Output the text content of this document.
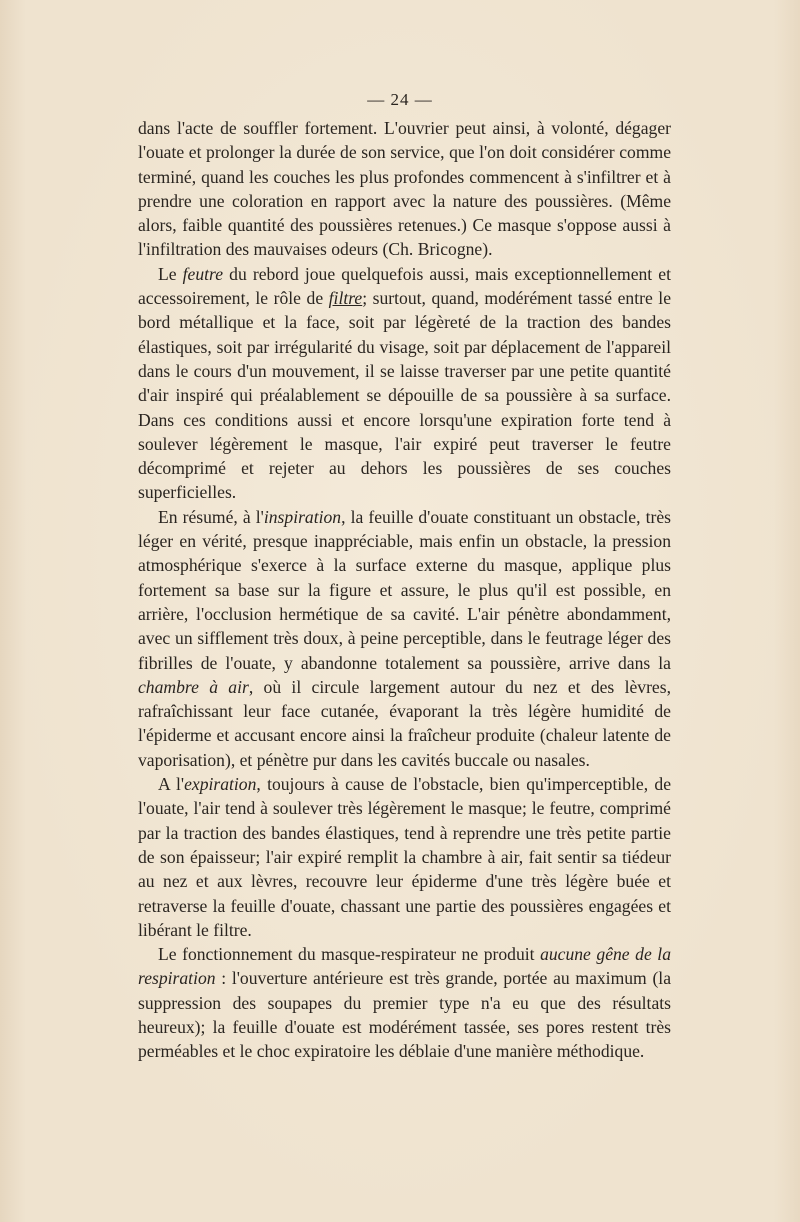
— 24 —

dans l'acte de souffler fortement. L'ouvrier peut ainsi, à volonté, dégager l'ouate et prolonger la durée de son service, que l'on doit considérer comme terminé, quand les couches les plus profondes commencent à s'infiltrer et à prendre une coloration en rapport avec la nature des poussières. (Même alors, faible quantité des poussières retenues.) Ce masque s'oppose aussi à l'infiltration des mauvaises odeurs (Ch. Bricogne).

Le feutre du rebord joue quelquefois aussi, mais exceptionnellement et accessoirement, le rôle de filtre; surtout, quand, modérément tassé entre le bord métallique et la face, soit par légèreté de la traction des bandes élastiques, soit par irrégularité du visage, soit par déplacement de l'appareil dans le cours d'un mouvement, il se laisse traverser par une petite quantité d'air inspiré qui préalablement se dépouille de sa poussière à sa surface. Dans ces conditions aussi et encore lorsqu'une expiration forte tend à soulever légèrement le masque, l'air expiré peut traverser le feutre décomprimé et rejeter au dehors les poussières de ses couches superficielles.

En résumé, à l'inspiration, la feuille d'ouate constituant un obstacle, très léger en vérité, presque inappréciable, mais enfin un obstacle, la pression atmosphérique s'exerce à la surface externe du masque, applique plus fortement sa base sur la figure et assure, le plus qu'il est possible, en arrière, l'occlusion hermétique de sa cavité. L'air pénètre abondamment, avec un sifflement très doux, à peine perceptible, dans le feutrage léger des fibrilles de l'ouate, y abandonne totalement sa poussière, arrive dans la chambre à air, où il circule largement autour du nez et des lèvres, rafraîchissant leur face cutanée, évaporant la très légère humidité de l'épiderme et accusant encore ainsi la fraîcheur produite (chaleur latente de vaporisation), et pénètre pur dans les cavités buccale ou nasales.

A l'expiration, toujours à cause de l'obstacle, bien qu'imperceptible, de l'ouate, l'air tend à soulever très légèrement le masque; le feutre, comprimé par la traction des bandes élastiques, tend à reprendre une très petite partie de son épaisseur; l'air expiré remplit la chambre à air, fait sentir sa tiédeur au nez et aux lèvres, recouvre leur épiderme d'une très légère buée et retraverse la feuille d'ouate, chassant une partie des poussières engagées et libérant le filtre.

Le fonctionnement du masque-respirateur ne produit aucune gêne de la respiration : l'ouverture antérieure est très grande, portée au maximum (la suppression des soupapes du premier type n'a eu que des résultats heureux); la feuille d'ouate est modérément tassée, ses pores restent très perméables et le choc expiratoire les déblaie d'une manière méthodique.
